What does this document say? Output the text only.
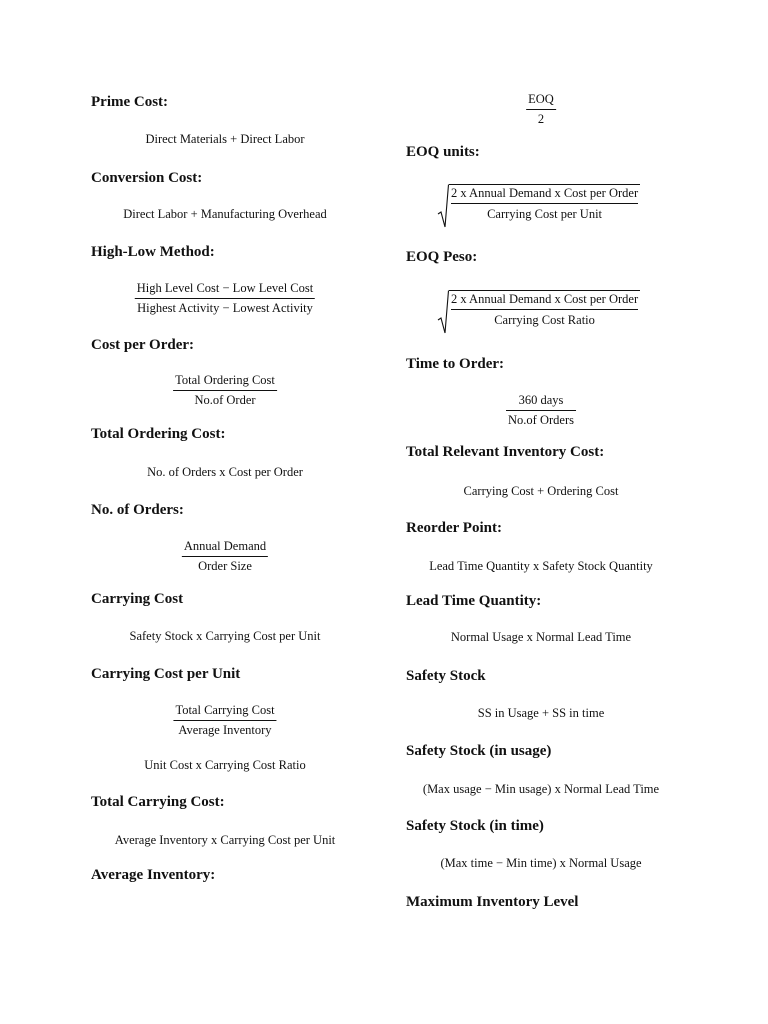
Prime Cost:
Direct Materials + Direct Labor
Conversion Cost:
Direct Labor + Manufacturing Overhead
High-Low Method:
High Level Cost − Low Level Cost
Highest Activity − Lowest Activity
Cost per Order:
Total Ordering Cost
No.of Order
Total Ordering Cost:
No. of Orders x Cost per Order
No. of Orders:
Annual Demand
Order Size
Carrying Cost
Safety Stock x Carrying Cost per Unit
Carrying Cost per Unit
Total Carrying Cost
Average Inventory
Unit Cost x Carrying Cost Ratio
Total Carrying Cost:
Average Inventory x Carrying Cost per Unit
Average Inventory:
EOQ
2
EOQ units:
$\frac{\text{2 x Annual Demand x Cost per Order}}{\text{Carrying Cost per Unit}}$
EOQ Peso:
$\frac{\text{2 x Annual Demand x Cost per Order}}{\text{Carrying Cost Ratio}}$
Time to Order:
360 days
No.of Orders
Total Relevant Inventory Cost:
Carrying Cost + Ordering Cost
Reorder Point:
Lead Time Quantity x Safety Stock Quantity
Lead Time Quantity:
Normal Usage x Normal Lead Time
Safety Stock
SS in Usage + SS in time
Safety Stock (in usage)
(Max usage − Min usage) x Normal Lead Time
Safety Stock (in time)
(Max time − Min time) x Normal Usage
Maximum Inventory Level
